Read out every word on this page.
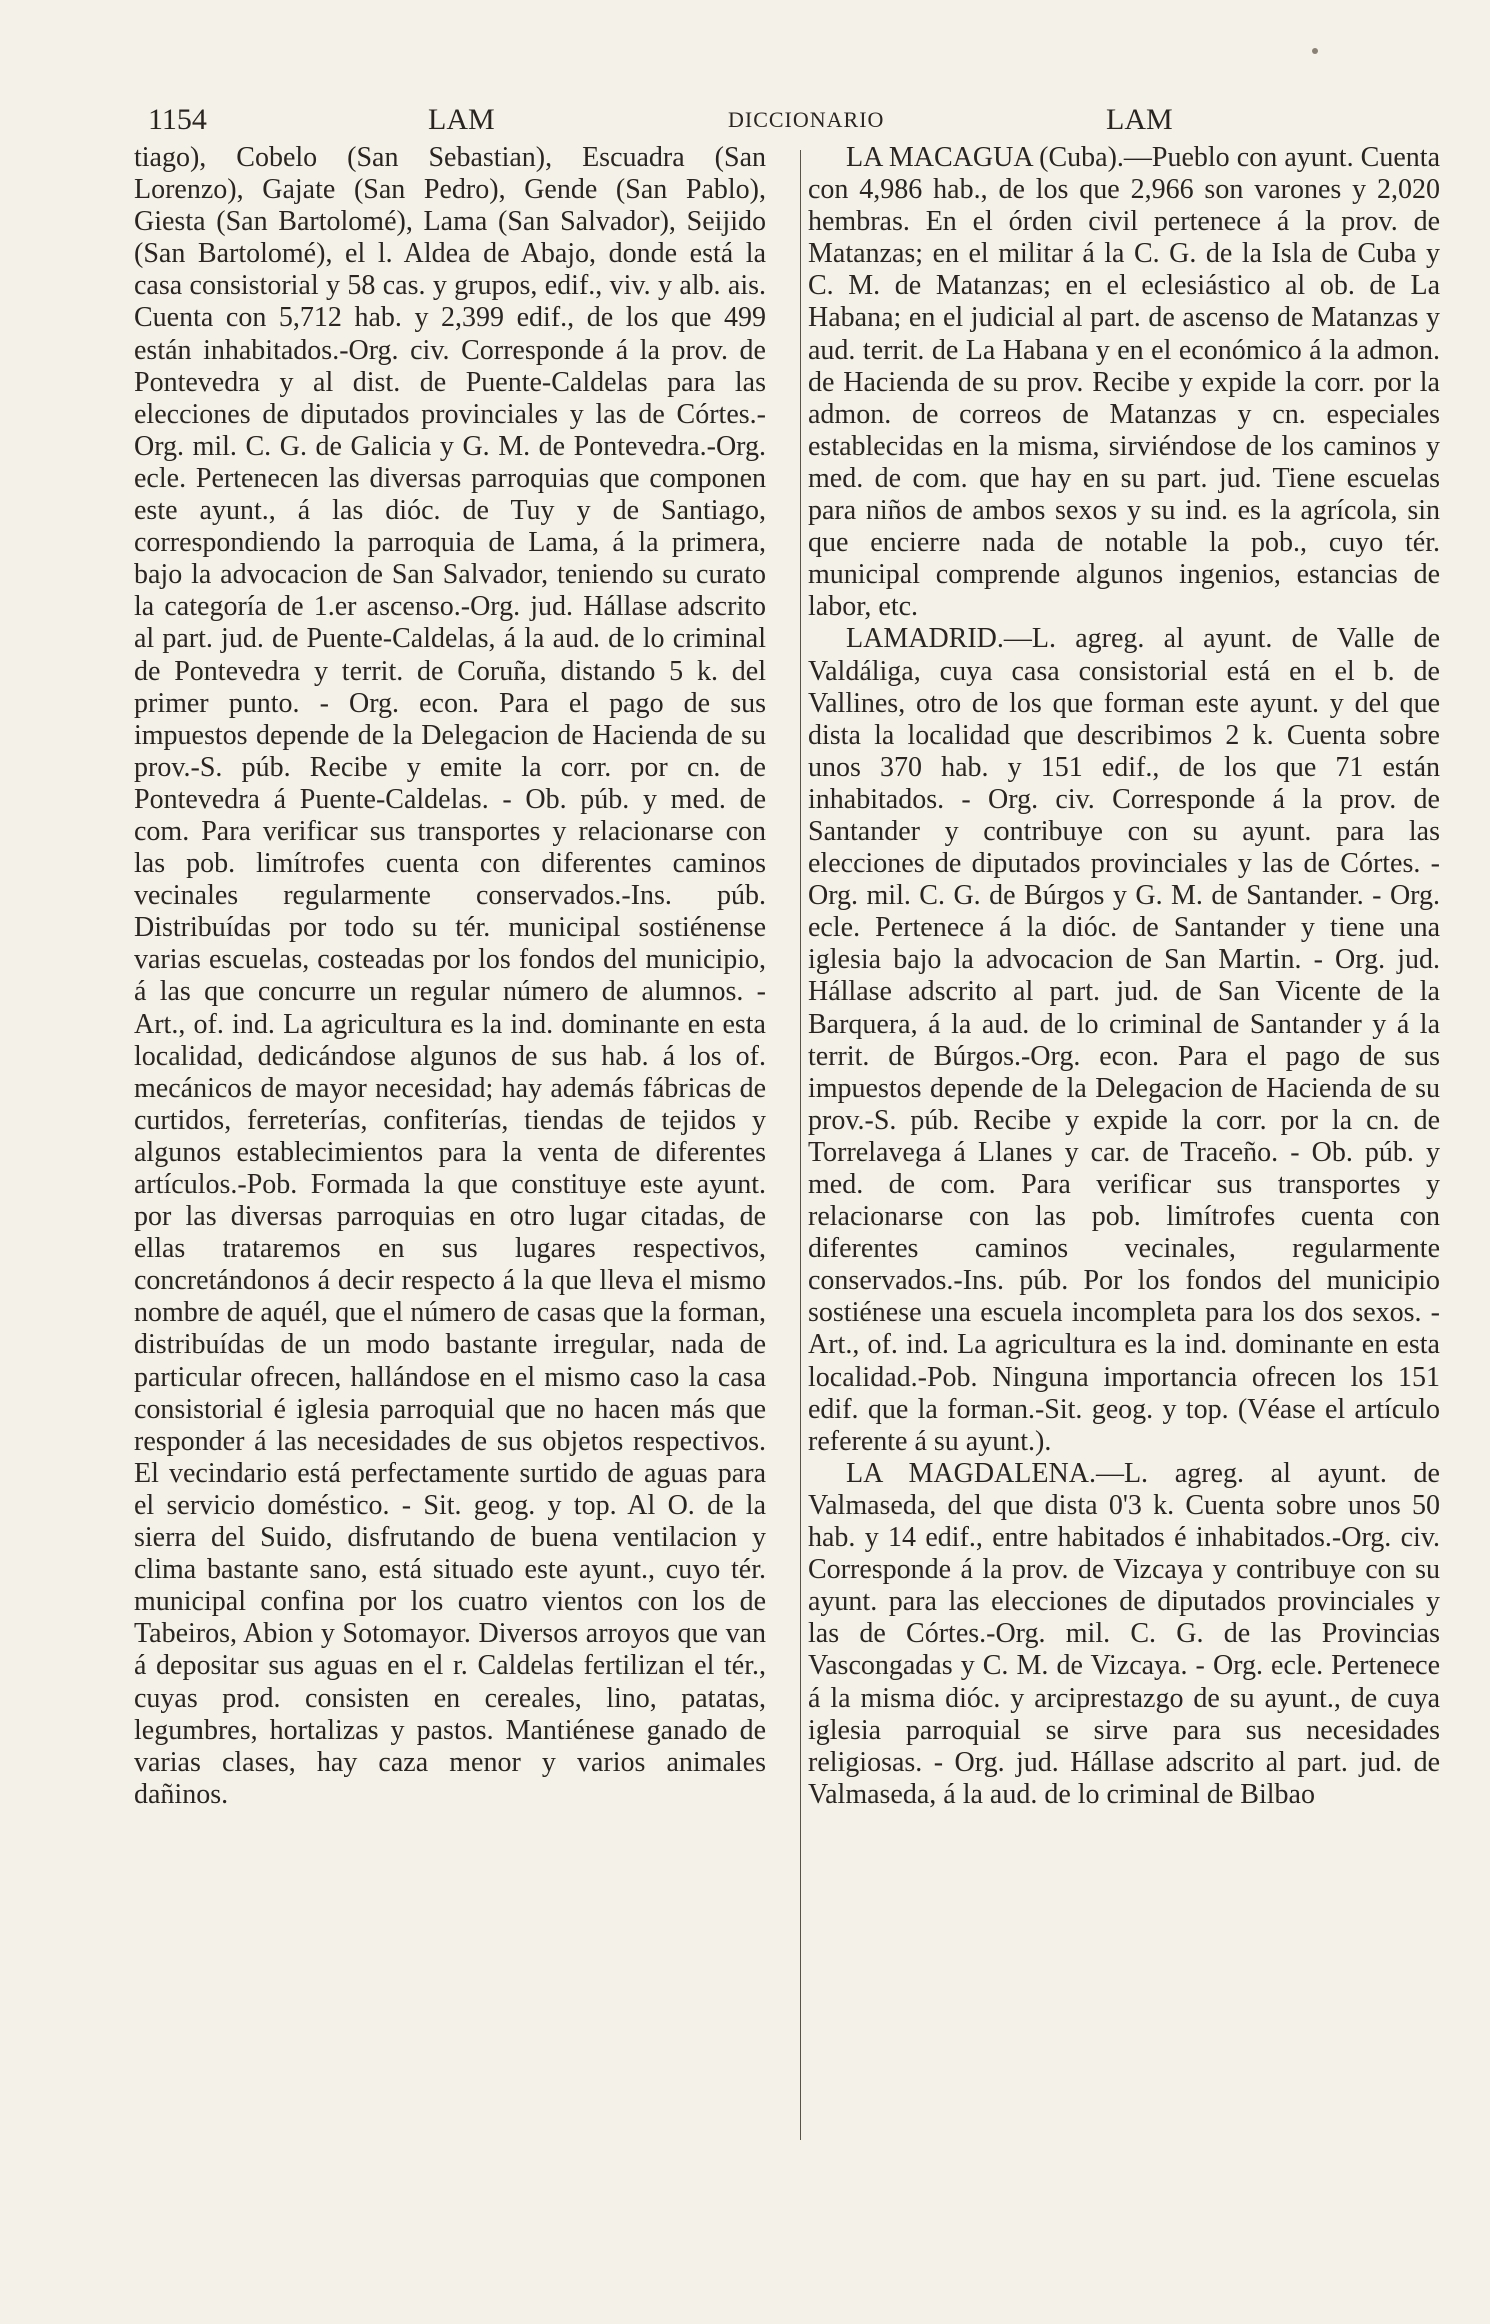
1154	LAM	DICCIONARIO	LAM

tiago), Cobelo (San Sebastian), Escuadra (San Lorenzo), Gajate (San Pedro), Gende (San Pablo), Giesta (San Bartolomé), Lama (San Salvador), Seijido (San Bartolomé), el l. Aldea de Abajo, donde está la casa consistorial y 58 cas. y grupos, edif., viv. y alb. ais. Cuenta con 5,712 hab. y 2,399 edif., de los que 499 están inhabitados.-Org. civ. Corresponde á la prov. de Pontevedra y al dist. de Puente-Caldelas para las elecciones de diputados provinciales y las de Córtes.-Org. mil. C. G. de Galicia y G. M. de Pontevedra.-Org. ecle. Pertenecen las diversas parroquias que componen este ayunt., á las dióc. de Tuy y de Santiago, correspondiendo la parroquia de Lama, á la primera, bajo la advocacion de San Salvador, teniendo su curato la categoría de 1.er ascenso.-Org. jud. Hállase adscrito al part. jud. de Puente-Caldelas, á la aud. de lo criminal de Pontevedra y territ. de Coruña, distando 5 k. del primer punto. - Org. econ. Para el pago de sus impuestos depende de la Delegacion de Hacienda de su prov.-S. púb. Recibe y emite la corr. por cn. de Pontevedra á Puente-Caldelas. - Ob. púb. y med. de com. Para verificar sus transportes y relacionarse con las pob. limítrofes cuenta con diferentes caminos vecinales regularmente conservados.-Ins. púb. Distribuídas por todo su tér. municipal sostiénense varias escuelas, costeadas por los fondos del municipio, á las que concurre un regular número de alumnos. - Art., of. ind. La agricultura es la ind. dominante en esta localidad, dedicándose algunos de sus hab. á los of. mecánicos de mayor necesidad; hay además fábricas de curtidos, ferreterías, confiterías, tiendas de tejidos y algunos establecimientos para la venta de diferentes artículos.-Pob. Formada la que constituye este ayunt. por las diversas parroquias en otro lugar citadas, de ellas trataremos en sus lugares respectivos, concretándonos á decir respecto á la que lleva el mismo nombre de aquél, que el número de casas que la forman, distribuídas de un modo bastante irregular, nada de particular ofrecen, hallándose en el mismo caso la casa consistorial é iglesia parroquial que no hacen más que responder á las necesidades de sus objetos respectivos. El vecindario está perfectamente surtido de aguas para el servicio doméstico. - Sit. geog. y top. Al O. de la sierra del Suido, disfrutando de buena ventilacion y clima bastante sano, está situado este ayunt., cuyo tér. municipal confina por los cuatro vientos con los de Tabeiros, Abion y Sotomayor. Diversos arroyos que van á depositar sus aguas en el r. Caldelas fertilizan el tér., cuyas prod. consisten en cereales, lino, patatas, legumbres, hortalizas y pastos. Mantiénese ganado de varias clases, hay caza menor y varios animales dañinos.

LA MACAGUA (Cuba).—Pueblo con ayunt. Cuenta con 4,986 hab., de los que 2,966 son varones y 2,020 hembras. En el órden civil pertenece á la prov. de Matanzas; en el militar á la C. G. de la Isla de Cuba y C. M. de Matanzas; en el eclesiástico al ob. de La Habana; en el judicial al part. de ascenso de Matanzas y aud. territ. de La Habana y en el económico á la admon. de Hacienda de su prov. Recibe y expide la corr. por la admon. de correos de Matanzas y cn. especiales establecidas en la misma, sirviéndose de los caminos y med. de com. que hay en su part. jud. Tiene escuelas para niños de ambos sexos y su ind. es la agrícola, sin que encierre nada de notable la pob., cuyo tér. municipal comprende algunos ingenios, estancias de labor, etc.

LAMADRID.—L. agreg. al ayunt. de Valle de Valdáliga, cuya casa consistorial está en el b. de Vallines, otro de los que forman este ayunt. y del que dista la localidad que describimos 2 k. Cuenta sobre unos 370 hab. y 151 edif., de los que 71 están inhabitados. - Org. civ. Corresponde á la prov. de Santander y contribuye con su ayunt. para las elecciones de diputados provinciales y las de Córtes. - Org. mil. C. G. de Búrgos y G. M. de Santander. - Org. ecle. Pertenece á la dióc. de Santander y tiene una iglesia bajo la advocacion de San Martin. - Org. jud. Hállase adscrito al part. jud. de San Vicente de la Barquera, á la aud. de lo criminal de Santander y á la territ. de Búrgos.-Org. econ. Para el pago de sus impuestos depende de la Delegacion de Hacienda de su prov.-S. púb. Recibe y expide la corr. por la cn. de Torrelavega á Llanes y car. de Traceño. - Ob. púb. y med. de com. Para verificar sus transportes y relacionarse con las pob. limítrofes cuenta con diferentes caminos vecinales, regularmente conservados.-Ins. púb. Por los fondos del municipio sostiénese una escuela incompleta para los dos sexos. - Art., of. ind. La agricultura es la ind. dominante en esta localidad.-Pob. Ninguna importancia ofrecen los 151 edif. que la forman.-Sit. geog. y top. (Véase el artículo referente á su ayunt.).

LA MAGDALENA.—L. agreg. al ayunt. de Valmaseda, del que dista 0'3 k. Cuenta sobre unos 50 hab. y 14 edif., entre habitados é inhabitados.-Org. civ. Corresponde á la prov. de Vizcaya y contribuye con su ayunt. para las elecciones de diputados provinciales y las de Córtes.-Org. mil. C. G. de las Provincias Vascongadas y C. M. de Vizcaya. - Org. ecle. Pertenece á la misma dióc. y arciprestazgo de su ayunt., de cuya iglesia parroquial se sirve para sus necesidades religiosas. - Org. jud. Hállase adscrito al part. jud. de Valmaseda, á la aud. de lo criminal de Bilbao
